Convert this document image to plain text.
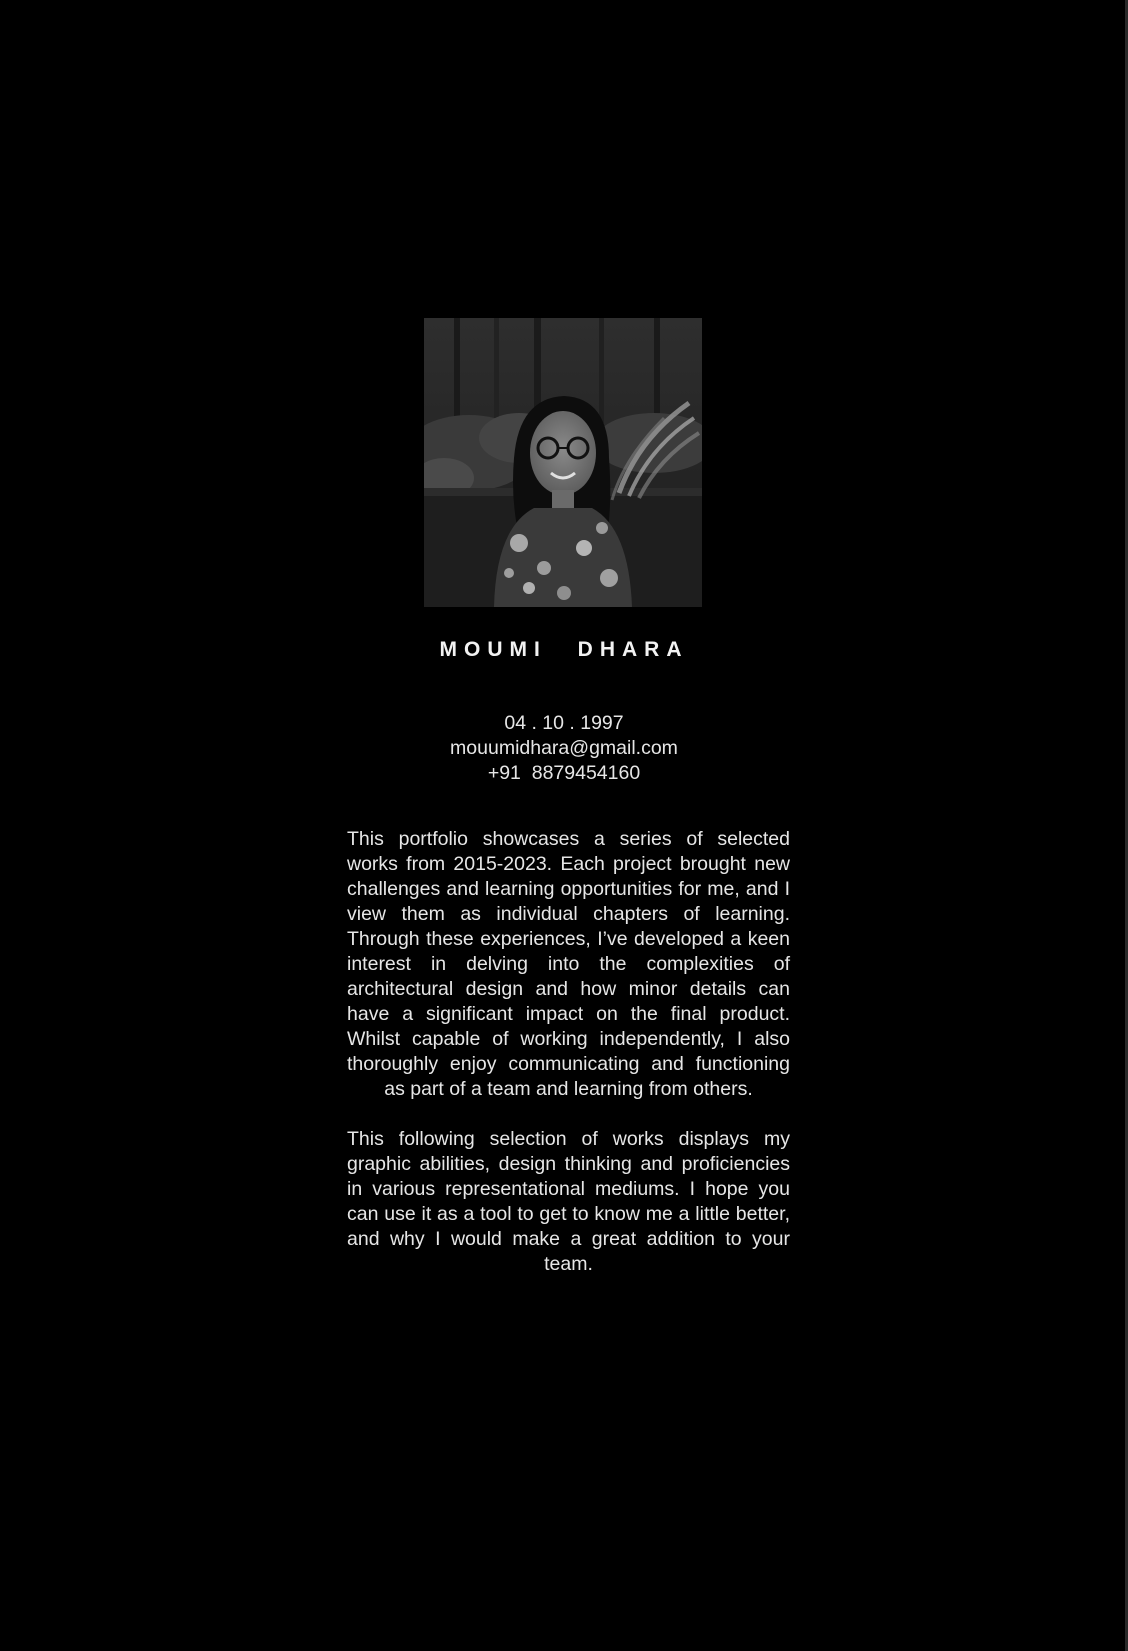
MOUMI DHARA
04 . 10 . 1997
mouumidhara@gmail.com
+91  8879454160

This portfolio showcases a series of selected works from 2015-2023. Each project brought new challenges and learning opportunities for me, and I view them as individual chapters of learning. Through these experiences, I’ve developed a keen interest in delving into the complexities of architectural design and how minor details can have a significant impact on the final product. Whilst capable of working independently, I also thoroughly enjoy communicating and functioning as part of a team and learning from others.

This following selection of works displays my graphic abilities, design thinking and proficiencies in various representational mediums. I hope you can use it as a tool to get to know me a little better, and why I would make a great addition to your team.
